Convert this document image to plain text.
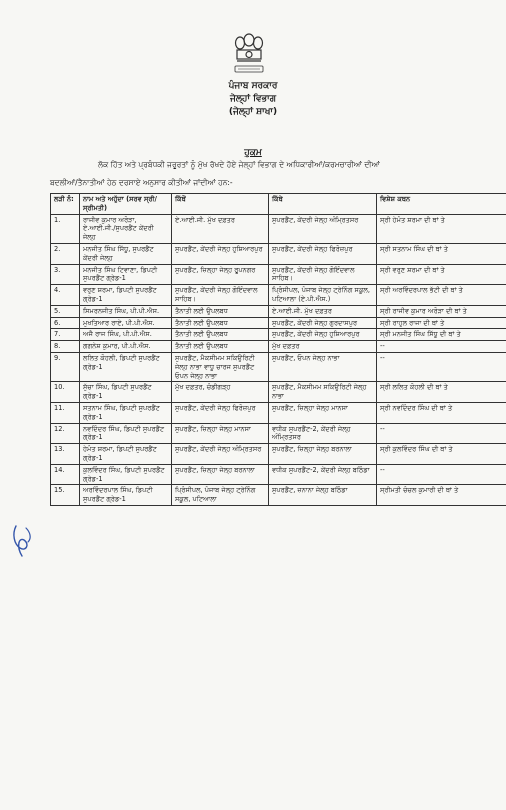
ਪੰਜਾਬ ਸਰਕਾਰ
ਜੇਲ੍ਹਾਂ ਵਿਭਾਗ
(ਜੇਲ੍ਹਾਂ ਸ਼ਾਖਾ)
ਹੁਕਮ
ਲੋਕ ਹਿੱਤ ਅਤੇ ਪ੍ਰਬੰਧਕੀ ਜਰੂਰਤਾਂ ਨੂੰ ਮੁੱਖ ਰੱਖਦੇ ਹੋਏ ਜੇਲ੍ਹਾਂ ਵਿਭਾਗ ਦੇ ਅਧਿਕਾਰੀਆਂ/ਕਰਮਚਾਰੀਆਂ ਦੀਆਂ
ਬਦਲੀਆਂ/ਤੈਨਾਤੀਆਂ ਹੇਠ ਦਰਸਾਏ ਅਨੁਸਾਰ ਕੀਤੀਆਂ ਜਾਂਦੀਆਂ ਹਨ:-
ਲੜੀ ਨੰ:	ਨਾਮ ਅਤੇ ਅਹੁੱਦਾ (ਸਰਵ ਸ੍ਰੀ/ਸ੍ਰੀਮਤੀ)	ਕਿੱਥੋਂ	ਕਿੱਥੇ	ਵਿਸ਼ੇਸ਼ ਕਥਨ
1.	ਰਾਜੀਵ ਕੁਮਾਰ ਅਰੋੜਾ, ਏ.ਆਈ.ਜੀ./ਸੁਪਰਡੈਂਟ ਕੇਂਦਰੀ ਜੇਲ੍ਹ	ਏ.ਆਈ.ਜੀ. ਮੁੱਖ ਦਫ਼ਤਰ	ਸੁਪਰਡੈਂਟ, ਕੇਂਦਰੀ ਜੇਲ੍ਹ ਅੰਮ੍ਰਿਤਸਰ	ਸ੍ਰੀ ਹੇਮੰਤ ਸ਼ਰਮਾ ਦੀ ਥਾਂ ਤੇ
2.	ਮਨਜੀਤ ਸਿੰਘ ਸਿੱਧੂ, ਸੁਪਰਡੈਂਟ ਕੇਂਦਰੀ ਜੇਲ੍ਹ	ਸੁਪਰਡੈਂਟ, ਕੇਂਦਰੀ ਜੇਲ੍ਹ ਹੁਸ਼ਿਆਰਪੁਰ	ਸੁਪਰਡੈਂਟ, ਕੇਂਦਰੀ ਜੇਲ੍ਹ ਫਿਰੋਜ਼ਪੁਰ	ਸ੍ਰੀ ਸਤਨਾਮ ਸਿੰਘ ਦੀ ਥਾਂ ਤੇ
3.	ਮਨਜੀਤ ਸਿੰਘ ਟਿਵਾਣਾ, ਡਿਪਟੀ ਸੁਪਰਡੈਂਟ ਗ੍ਰੇਡ-1	ਸੁਪਰਡੈਂਟ, ਜ਼ਿਲ੍ਹਾ ਜੇਲ੍ਹ ਰੂਪਨਗਰ	ਸੁਪਰਡੈਂਟ, ਕੇਂਦਰੀ ਜੇਲ੍ਹ ਗੋਇੰਦਵਾਲ ਸਾਹਿਬ।	ਸ੍ਰੀ ਵਰੁਣ ਸ਼ਰਮਾ ਦੀ ਥਾਂ ਤੇ
4.	ਵਰੁਣ ਸ਼ਰਮਾ, ਡਿਪਟੀ ਸੁਪਰਡੈਂਟ ਗ੍ਰੇਡ-1	ਸੁਪਰਡੈਂਟ, ਕੇਂਦਰੀ ਜੇਲ੍ਹ ਗੋਇੰਦਵਾਲ ਸਾਹਿਬ।	ਪ੍ਰਿੰਸੀਪਲ, ਪੰਜਾਬ ਜੇਲ੍ਹ ਟ੍ਰੇਨਿੰਗ ਸਕੂਲ, ਪਟਿਆਲਾ (ਏ.ਪੀ.ਐਸ.)	ਸ੍ਰੀ ਅਰਵਿੰਦਰਪਾਲ ਭੱਟੀ ਦੀ ਥਾਂ ਤੇ
5.	ਸਿਮਰਨਜੀਤ ਸਿੰਘ, ਪੀ.ਪੀ.ਐਸ.	ਤੈਨਾਤੀ ਲਈ ਉਪਲਬਧ	ਏ.ਆਈ.ਜੀ. ਮੁੱਖ ਦਫ਼ਤਰ	ਸ੍ਰੀ ਰਾਜੀਵ ਕੁਮਾਰ ਅਰੋੜਾ ਦੀ ਥਾਂ ਤੇ
6.	ਮੁਖਤਿਆਰ ਰਾਏ, ਪੀ.ਪੀ.ਐਸ.	ਤੈਨਾਤੀ ਲਈ ਉਪਲਬਧ	ਸੁਪਰਡੈਂਟ, ਕੇਂਦਰੀ ਜੇਲ੍ਹ ਗੁਰਦਾਸਪੁਰ	ਸ੍ਰੀ ਰਾਹੁਲ ਰਾਜਾ ਦੀ ਥਾਂ ਤੇ
7.	ਅਜੈ ਰਾਜ ਸਿੰਘ, ਪੀ.ਪੀ.ਐਸ.	ਤੈਨਾਤੀ ਲਈ ਉਪਲਬਧ	ਸੁਪਰਡੈਂਟ, ਕੇਂਦਰੀ ਜੇਲ੍ਹ ਹੁਸ਼ਿਆਰਪੁਰ	ਸ੍ਰੀ ਮਨਜੀਤ ਸਿੰਘ ਸਿੱਧੂ ਦੀ ਥਾਂ ਤੇ
8.	ਗਗਨੇਸ਼ ਕੁਮਾਰ, ਪੀ.ਪੀ.ਐਸ.	ਤੈਨਾਤੀ ਲਈ ਉਪਲਬਧ	ਮੁੱਖ ਦਫ਼ਤਰ	--
9.	ਲਲਿਤ ਕੋਹਲੀ, ਡਿਪਟੀ ਸੁਪਰਡੈਂਟ ਗ੍ਰੇਡ-1	ਸੁਪਰਡੈਂਟ, ਮੈਕਸੀਮਮ ਸਕਿਉਰਿਟੀ ਜੇਲ੍ਹ ਨਾਭਾ ਵਾਧੂ ਚਾਰਜ ਸੁਪਰਡੈਂਟ ਓਪਨ ਜੇਲ੍ਹ ਨਾਭਾ	ਸੁਪਰਡੈਂਟ, ਓਪਨ ਜੇਲ੍ਹ ਨਾਭਾ	--
10.	ਸੁੱਚਾ ਸਿੰਘ, ਡਿਪਟੀ ਸੁਪਰਡੈਂਟ ਗ੍ਰੇਡ-1	ਮੁੱਖ ਦਫ਼ਤਰ, ਚੰਡੀਗੜ੍ਹ	ਸੁਪਰਡੈਂਟ, ਮੈਕਸੀਮਮ ਸਕਿਉਰਿਟੀ ਜੇਲ੍ਹ ਨਾਭਾ	ਸ੍ਰੀ ਲਲਿਤ ਕੋਹਲੀ ਦੀ ਥਾਂ ਤੇ
11.	ਸਤਨਾਮ ਸਿੰਘ, ਡਿਪਟੀ ਸੁਪਰਡੈਂਟ ਗ੍ਰੇਡ-1	ਸੁਪਰਡੈਂਟ, ਕੇਂਦਰੀ ਜੇਲ੍ਹ ਫਿਰੋਜ਼ਪੁਰ	ਸੁਪਰਡੈਂਟ, ਜ਼ਿਲ੍ਹਾ ਜੇਲ੍ਹ ਮਾਨਸਾ	ਸ੍ਰੀ ਨਵਦਿੰਦਰ ਸਿੰਘ ਦੀ ਥਾਂ ਤੇ
12.	ਨਵਦਿੰਦਰ ਸਿੰਘ, ਡਿਪਟੀ ਸੁਪਰਡੈਂਟ ਗ੍ਰੇਡ-1	ਸੁਪਰਡੈਂਟ, ਜ਼ਿਲ੍ਹਾ ਜੇਲ੍ਹ ਮਾਨਸਾ	ਵਧੀਕ ਸੁਪਰਡੈਂਟ-2, ਕੇਂਦਰੀ ਜੇਲ੍ਹ ਅੰਮ੍ਰਿਤਸਰ	--
13.	ਹੇਮੰਤ ਸ਼ਰਮਾ, ਡਿਪਟੀ ਸੁਪਰਡੈਂਟ ਗ੍ਰੇਡ-1	ਸੁਪਰਡੈਂਟ, ਕੇਂਦਰੀ ਜੇਲ੍ਹ ਅੰਮ੍ਰਿਤਸਰ	ਸੁਪਰਡੈਂਟ, ਜ਼ਿਲ੍ਹਾ ਜੇਲ੍ਹ ਬਰਨਾਲਾ	ਸ੍ਰੀ ਕੁਲਵਿੰਦਰ ਸਿੰਘ ਦੀ ਥਾਂ ਤੇ
14.	ਕੁਲਵਿੰਦਰ ਸਿੰਘ, ਡਿਪਟੀ ਸੁਪਰਡੈਂਟ ਗ੍ਰੇਡ-1	ਸੁਪਰਡੈਂਟ, ਜ਼ਿਲ੍ਹਾ ਜੇਲ੍ਹ ਬਰਨਾਲਾ	ਵਧੀਕ ਸੁਪਰਡੈਂਟ-2, ਕੇਂਦਰੀ ਜੇਲ੍ਹ ਬਠਿੰਡਾ	--
15.	ਅਰਵਿੰਦਰਪਾਲ ਸਿੰਘ, ਡਿਪਟੀ ਸੁਪਰਡੈਂਟ ਗ੍ਰੇਡ-1	ਪ੍ਰਿੰਸੀਪਲ, ਪੰਜਾਬ ਜੇਲ੍ਹ ਟ੍ਰੇਨਿੰਗ ਸਕੂਲ, ਪਟਿਆਲਾ	ਸੁਪਰਡੈਂਟ, ਜ਼ਨਾਨਾ ਜੇਲ੍ਹ ਬਠਿੰਡਾ	ਸ੍ਰੀਮਤੀ ਚੰਚਲ ਕੁਮਾਰੀ ਦੀ ਥਾਂ ਤੇ
